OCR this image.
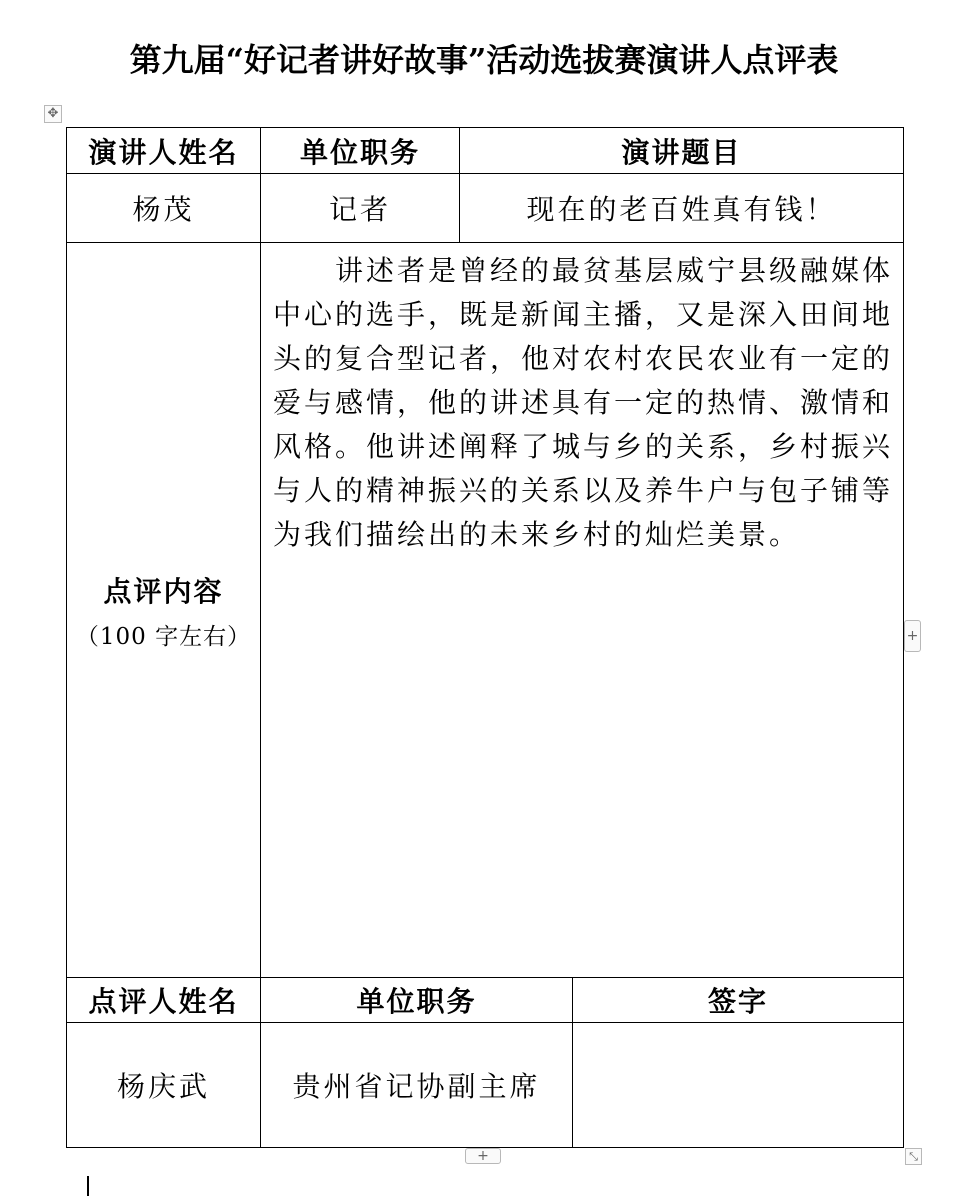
第九届“好记者讲好故事”活动选拔赛演讲人点评表
✥
演讲人姓名	单位职务	演讲题目	
杨茂	记者	现在的老百姓真有钱！	

点评内容
（100 字左右）	讲述者是曾经的最贫基层威宁县级融媒体中心的选手，既是新闻主播，又是深入田间地头的复合型记者，他对农村农民农业有一定的爱与感情，他的讲述具有一定的热情、激情和风格。他讲述阐释了城与乡的关系，乡村振兴与人的精神振兴的关系以及养牛户与包子铺等为我们描绘出的未来乡村的灿烂美景。		

点评人姓名	单位职务		签字
杨庆武	贵州省记协副主席		
+
+	⤡
